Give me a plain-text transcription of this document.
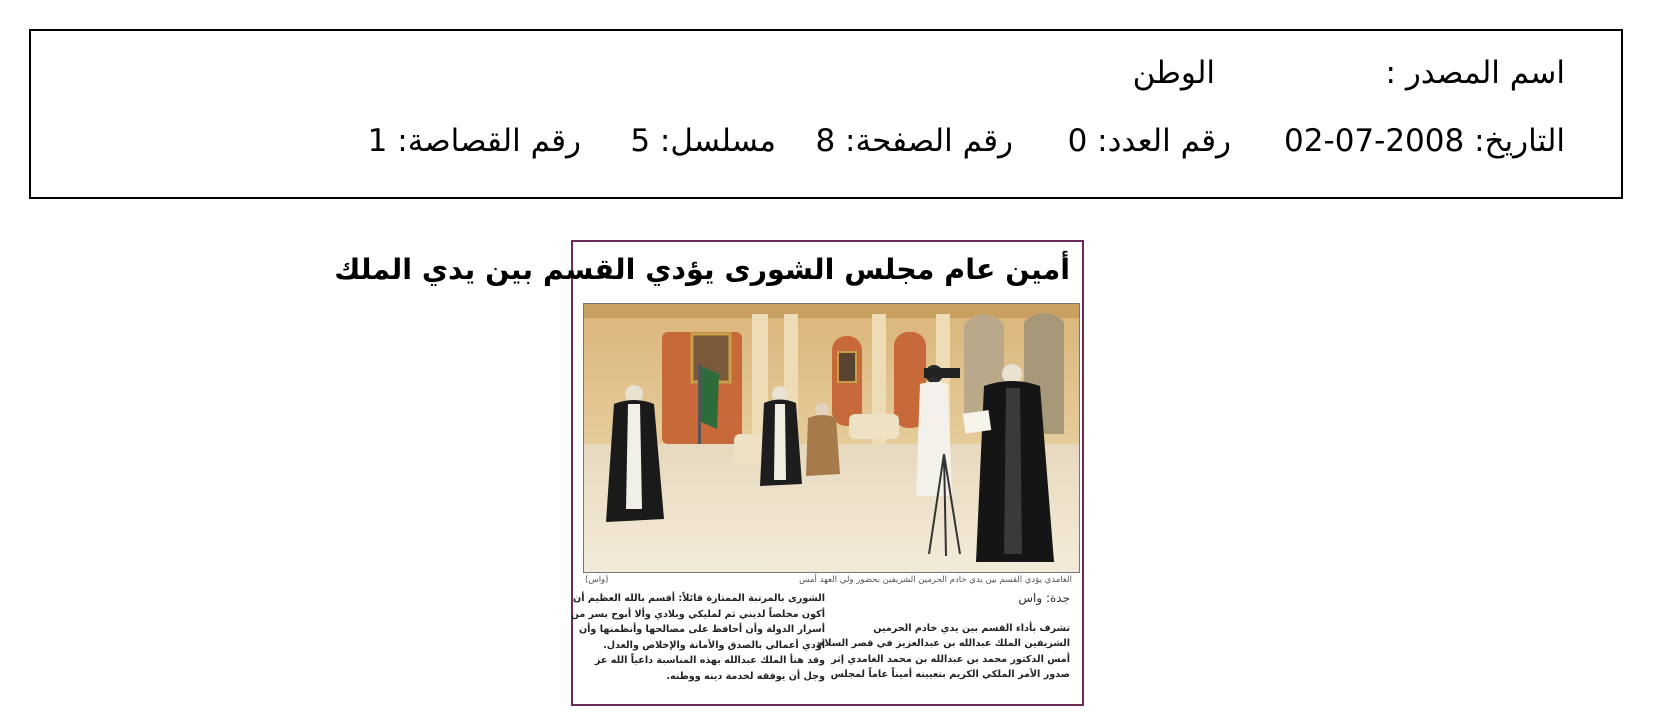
اسم المصدر :
الوطن
التاريخ: 2008-07-02
رقم العدد: 0
رقم الصفحة: 8
مسلسل: 5
رقم القصاصة: 1
أمين عام مجلس الشورى يؤدي القسم بين يدي الملك
الغامدي يؤدي القسم بين يدي خادم الحرمين الشريفين بحضور ولي العهد أمس
(واس)
جدة: واس

تشرف بأداء القسم بين يدي خادم الحرمين

الشريفين الملك عبدالله بن عبدالعزيز في قصر السلام

أمس الدكتور محمد بن عبدالله بن محمد الغامدي إثر

صدور الأمر الملكي الكريم بتعيينه أميناً عاماً لمجلس

الشورى بالمرتبة الممتازة قائلاً: أقسم بالله العظيم أن

أكون مخلصاً لديني ثم لمليكي وبلادي وألا أبوح بسر من

أسرار الدولة وأن أحافظ على مصالحها وأنظمتها وأن

أؤدي أعمالي بالصدق والأمانة والإخلاص والعدل.

وقد هنأ الملك عبدالله بهذه المناسبة داعياً الله عز

وجل أن يوفقه لخدمة دينه ووطنه.
